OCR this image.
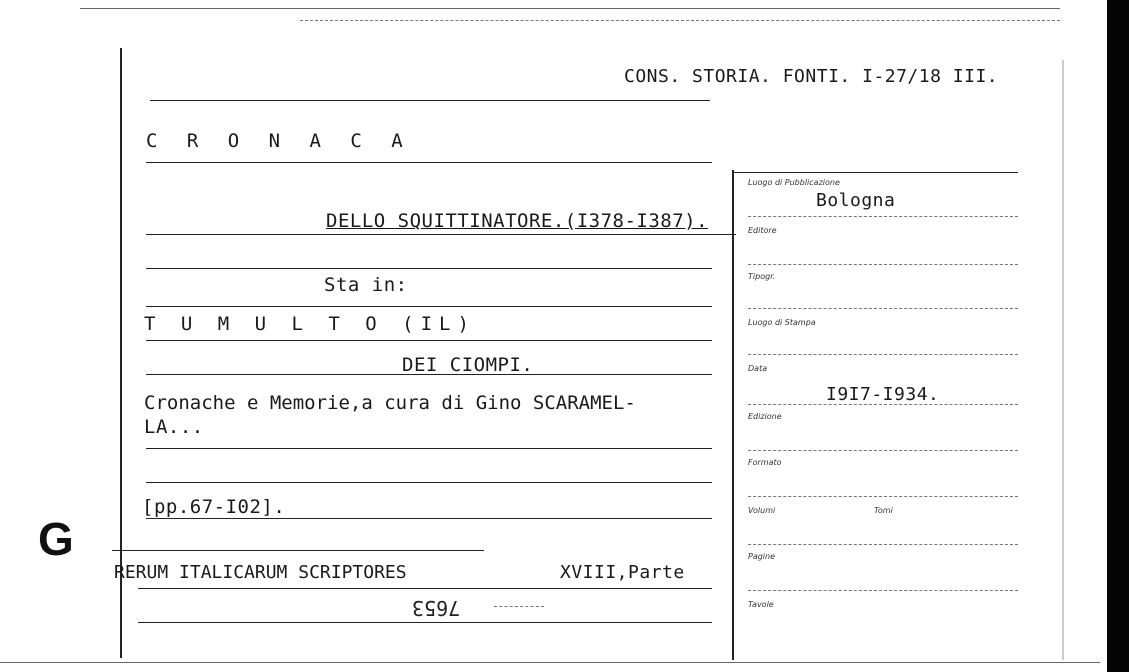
CONS. STORIA. FONTI. I-27/18 III.
C R O N A C A
DELLO SQUITTINATORE.(I378-I387).
Sta in:
T U M U L T O (IL)
DEI CIOMPI.
Cronache e Memorie,a cura di Gino SCARAMEL-
LA...
[pp.67-I02].
G
RERUM ITALICARUM SCRIPTORES	XVIII,Parte
7653
Luogo di Pubblicazione
Bologna
Editore
Tipogr.
Luogo di Stampa
Data
I9I7-I934.
Edizione
Formato
Volumi	Tomi
Pagine
Tavole
